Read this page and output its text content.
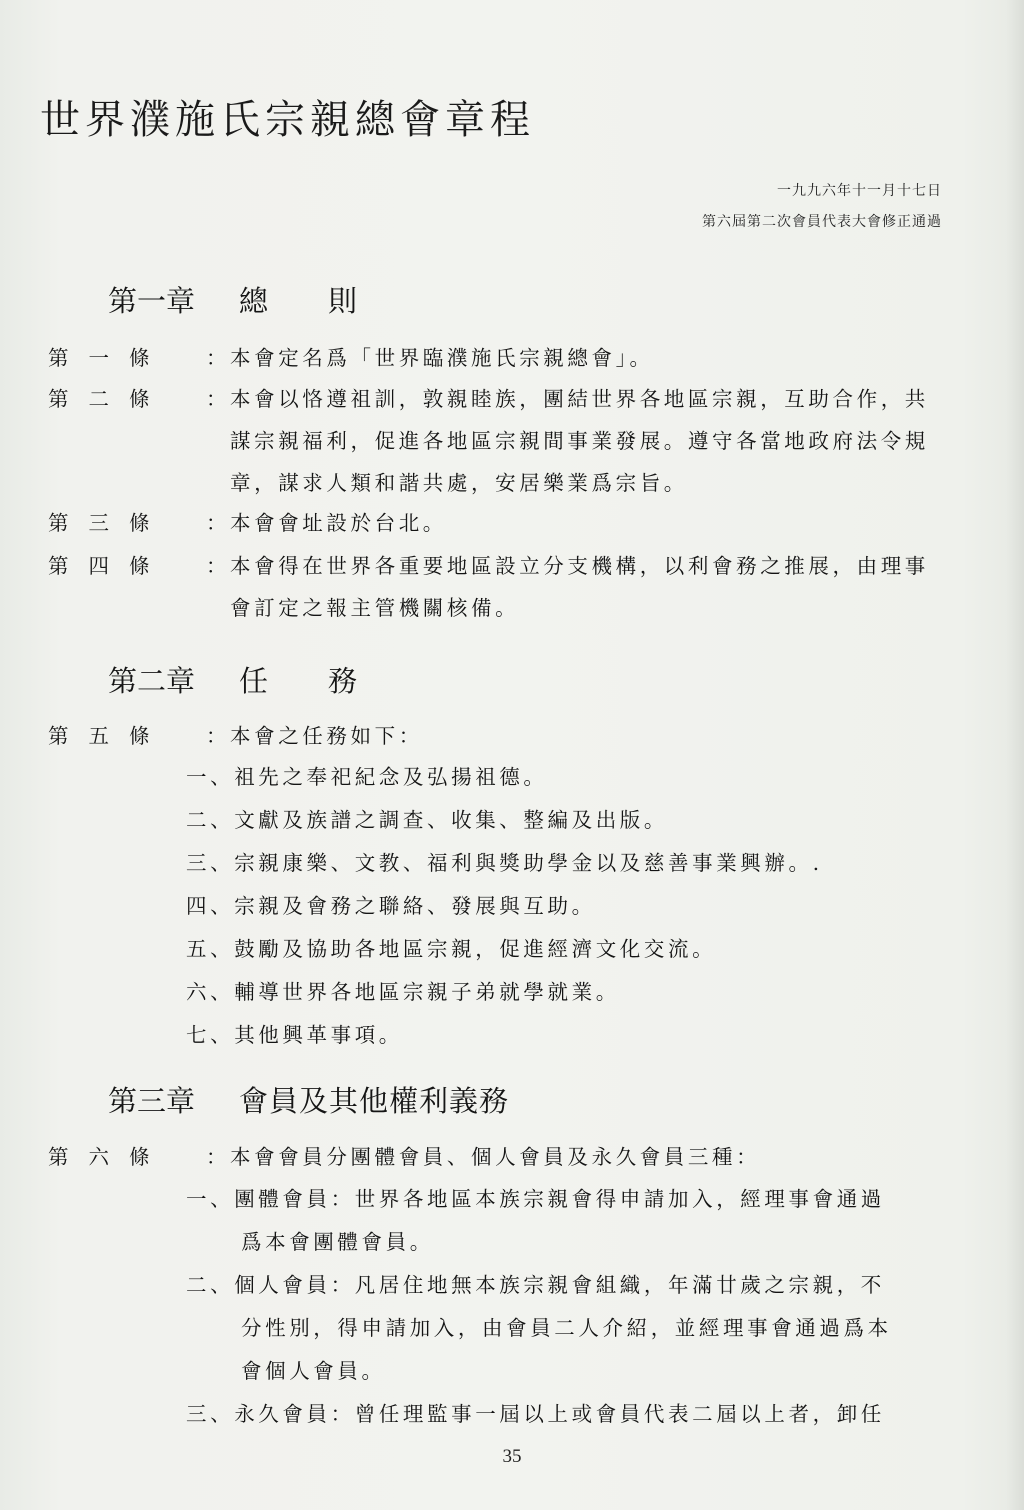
世界濮施氏宗親總會章程
一九九六年十一月十七日
第六屆第二次會員代表大會修正通過
第一章	總則
第一條	： 本會定名爲「世界臨濮施氏宗親總會」。
第二條	： 本會以恪遵祖訓，敦親睦族，團結世界各地區宗親，互助合作，共
謀宗親福利，促進各地區宗親間事業發展。遵守各當地政府法令規
章，謀求人類和諧共處，安居樂業爲宗旨。
第三條	： 本會會址設於台北。
第四條	： 本會得在世界各重要地區設立分支機構，以利會務之推展，由理事
會訂定之報主管機關核備。
第二章	任務
第五條	： 本會之任務如下：
一、祖先之奉祀紀念及弘揚祖德。
二、文獻及族譜之調查、收集、整編及出版。
三、宗親康樂、文教、福利與獎助學金以及慈善事業興辦。.
四、宗親及會務之聯絡、發展與互助。
五、鼓勵及協助各地區宗親，促進經濟文化交流。
六、輔導世界各地區宗親子弟就學就業。
七、其他興革事項。
第三章	會員及其他權利義務
第六條	： 本會會員分團體會員、個人會員及永久會員三種：
一、團體會員：世界各地區本族宗親會得申請加入，經理事會通過
爲本會團體會員。
二、個人會員：凡居住地無本族宗親會組織，年滿廿歲之宗親，不
分性別，得申請加入，由會員二人介紹，並經理事會通過爲本
會個人會員。
三、永久會員：曾任理監事一屆以上或會員代表二屆以上者，卸任
35
